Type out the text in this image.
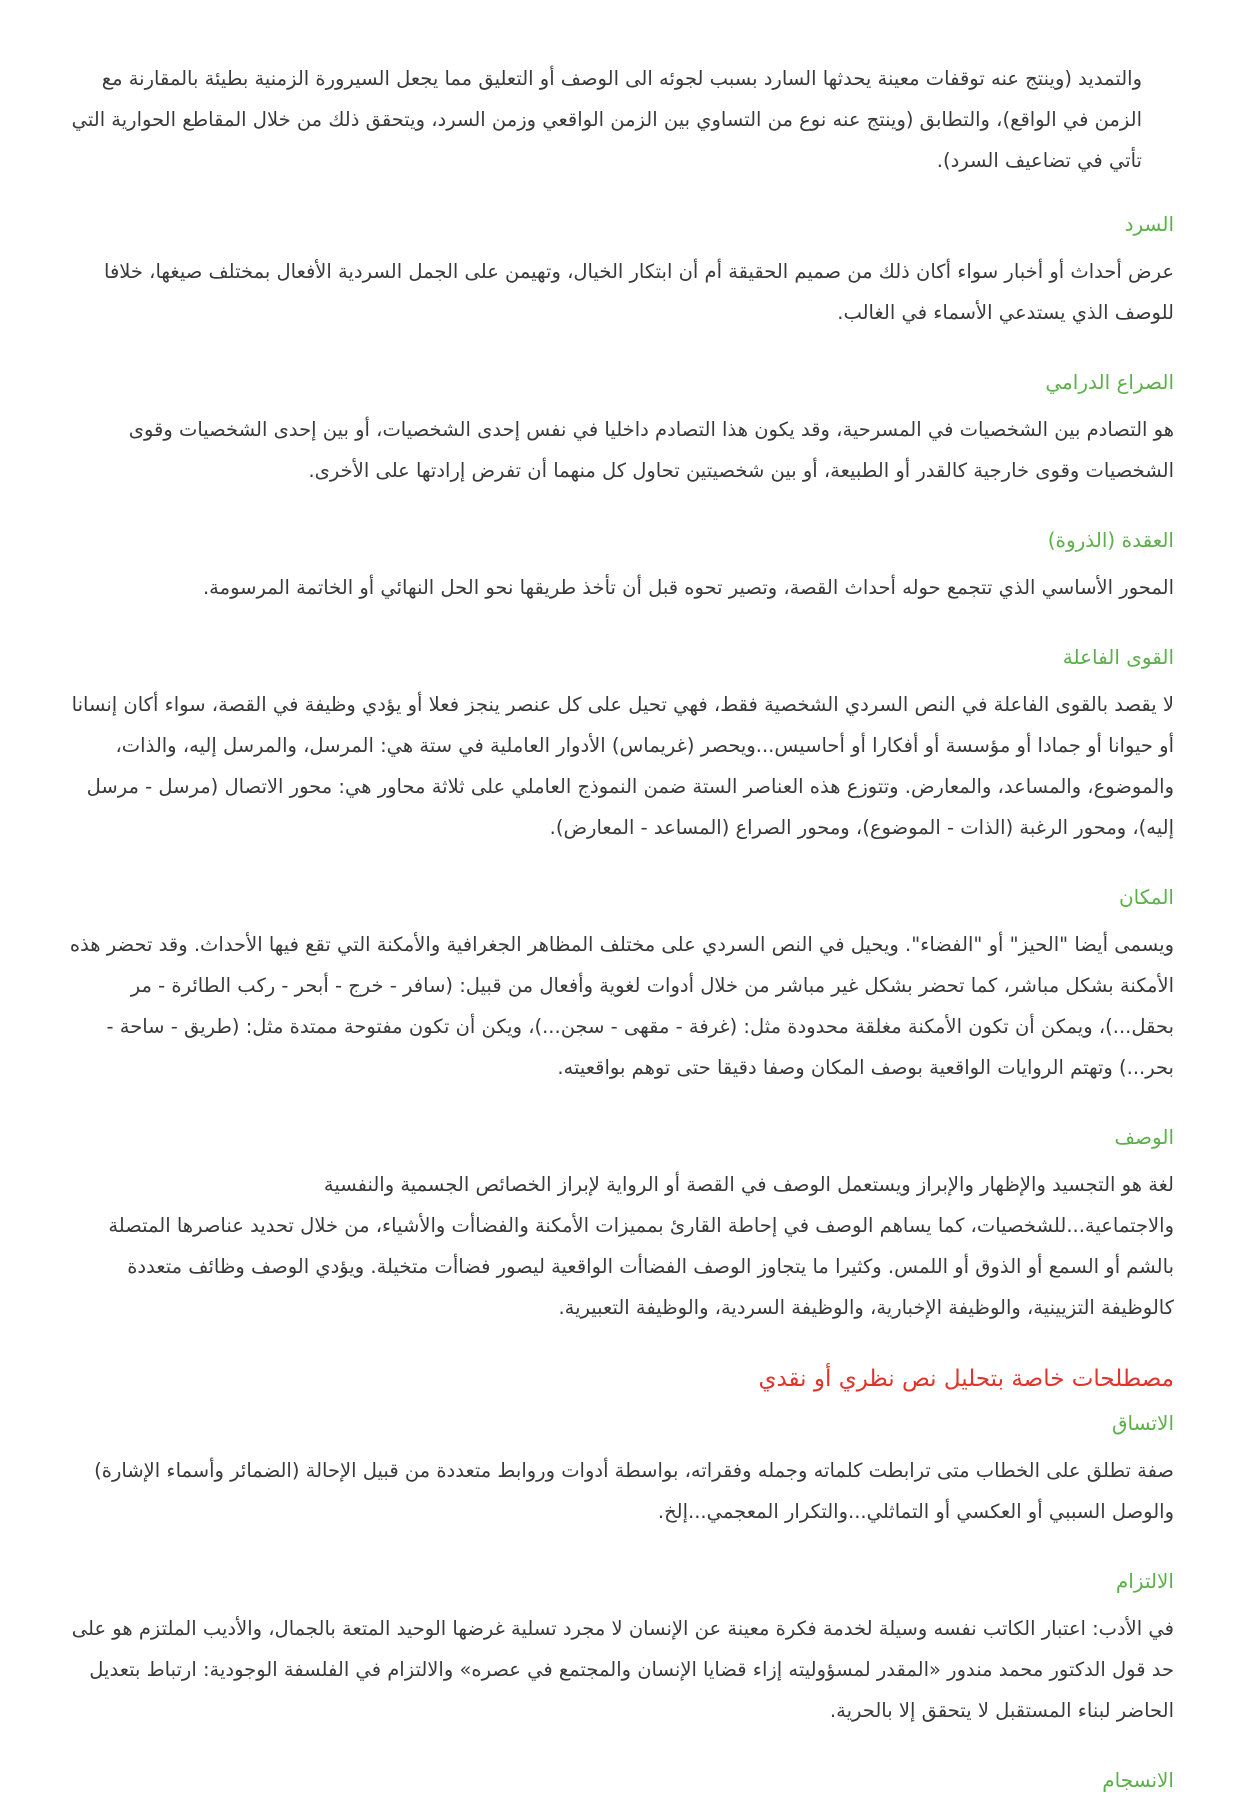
والتمديد (وينتج عنه توقفات معينة يحدثها السارد بسبب لجوئه الى الوصف أو التعليق مما يجعل السيرورة الزمنية بطيئة بالمقارنة مع الزمن في الواقع)، والتطابق (وينتج عنه نوع من التساوي بين الزمن الواقعي وزمن السرد، ويتحقق ذلك من خلال المقاطع الحوارية التي تأتي في تضاعيف السرد).

السرد

عرض أحداث أو أخبار سواء أكان ذلك من صميم الحقيقة أم أن ابتكار الخيال، وتهيمن على الجمل السردية الأفعال بمختلف صيغها، خلافا للوصف الذي يستدعي الأسماء في الغالب.

الصراع الدرامي

هو التصادم بين الشخصيات في المسرحية، وقد يكون هذا التصادم داخليا في نفس إحدى الشخصيات، أو بين إحدى الشخصيات وقوى الشخصيات وقوى خارجية كالقدر أو الطبيعة، أو بين شخصيتين تحاول كل منهما أن تفرض إرادتها على الأخرى.

العقدة (الذروة)

المحور الأساسي الذي تتجمع حوله أحداث القصة، وتصير تحوه قبل أن تأخذ طريقها نحو الحل النهائي أو الخاتمة المرسومة.

القوى الفاعلة

لا يقصد بالقوى الفاعلة في النص السردي الشخصية فقط، فهي تحيل على كل عنصر ينجز فعلا أو يؤدي وظيفة في القصة، سواء أكان إنسانا أو حيوانا أو جمادا أو مؤسسة أو أفكارا أو أحاسيس...ويحصر (غريماس) الأدوار العاملية في ستة هي: المرسل، والمرسل إليه، والذات، والموضوع، والمساعد، والمعارض. وتتوزع هذه العناصر الستة ضمن النموذج العاملي على ثلاثة محاور هي: محور الاتصال (مرسل - مرسل إليه)، ومحور الرغبة (الذات - الموضوع)، ومحور الصراع (المساعد - المعارض).

المكان

ويسمى أيضا "الحيز" أو "الفضاء". ويحيل في النص السردي على مختلف المظاهر الجغرافية والأمكنة التي تقع فيها الأحداث. وقد تحضر هذه الأمكنة بشكل مباشر، كما تحضر بشكل غير مباشر من خلال أدوات لغوية وأفعال من قبيل: (سافر - خرج - أبحر - ركب الطائرة - مر بحقل...)، ويمكن أن تكون الأمكنة مغلقة محدودة مثل: (غرفة - مقهى - سجن...)، ويكن أن تكون مفتوحة ممتدة مثل: (طريق - ساحة - بحر...) وتهتم الروايات الواقعية بوصف المكان وصفا دقيقا حتى توهم بواقعيته.

الوصف

لغة هو التجسيد والإظهار والإبراز ويستعمل الوصف في القصة أو الرواية لإبراز الخصائص الجسمية والنفسية
والاجتماعية...للشخصيات، كما يساهم الوصف في إحاطة القارئ بمميزات الأمكنة والفضاأت والأشياء، من خلال تحديد عناصرها المتصلة بالشم أو السمع أو الذوق أو اللمس. وكثيرا ما يتجاوز الوصف الفضاأت الواقعية ليصور فضاأت متخيلة. ويؤدي الوصف وظائف متعددة كالوظيفة التزيينية، والوظيفة الإخبارية، والوظيفة السردية، والوظيفة التعبيرية.

مصطلحات خاصة بتحليل نص نظري أو نقدي
الاتساق

صفة تطلق على الخطاب متى ترابطت كلماته وجمله وفقراته، بواسطة أدوات وروابط متعددة من قبيل الإحالة (الضمائر وأسماء الإشارة) والوصل السببي أو العكسي أو التماثلي...والتكرار المعجمي...إلخ.

الالتزام

في الأدب: اعتبار الكاتب نفسه وسيلة لخدمة فكرة معينة عن الإنسان لا مجرد تسلية غرضها الوحيد المتعة بالجمال، والأديب الملتزم هو على حد قول الدكتور محمد مندور «المقدر لمسؤوليته إزاء قضايا الإنسان والمجتمع في عصره» والالتزام في الفلسفة الوجودية: ارتباط بتعديل الحاضر لبناء المستقبل لا يتحقق إلا بالحرية.

الانسجام
